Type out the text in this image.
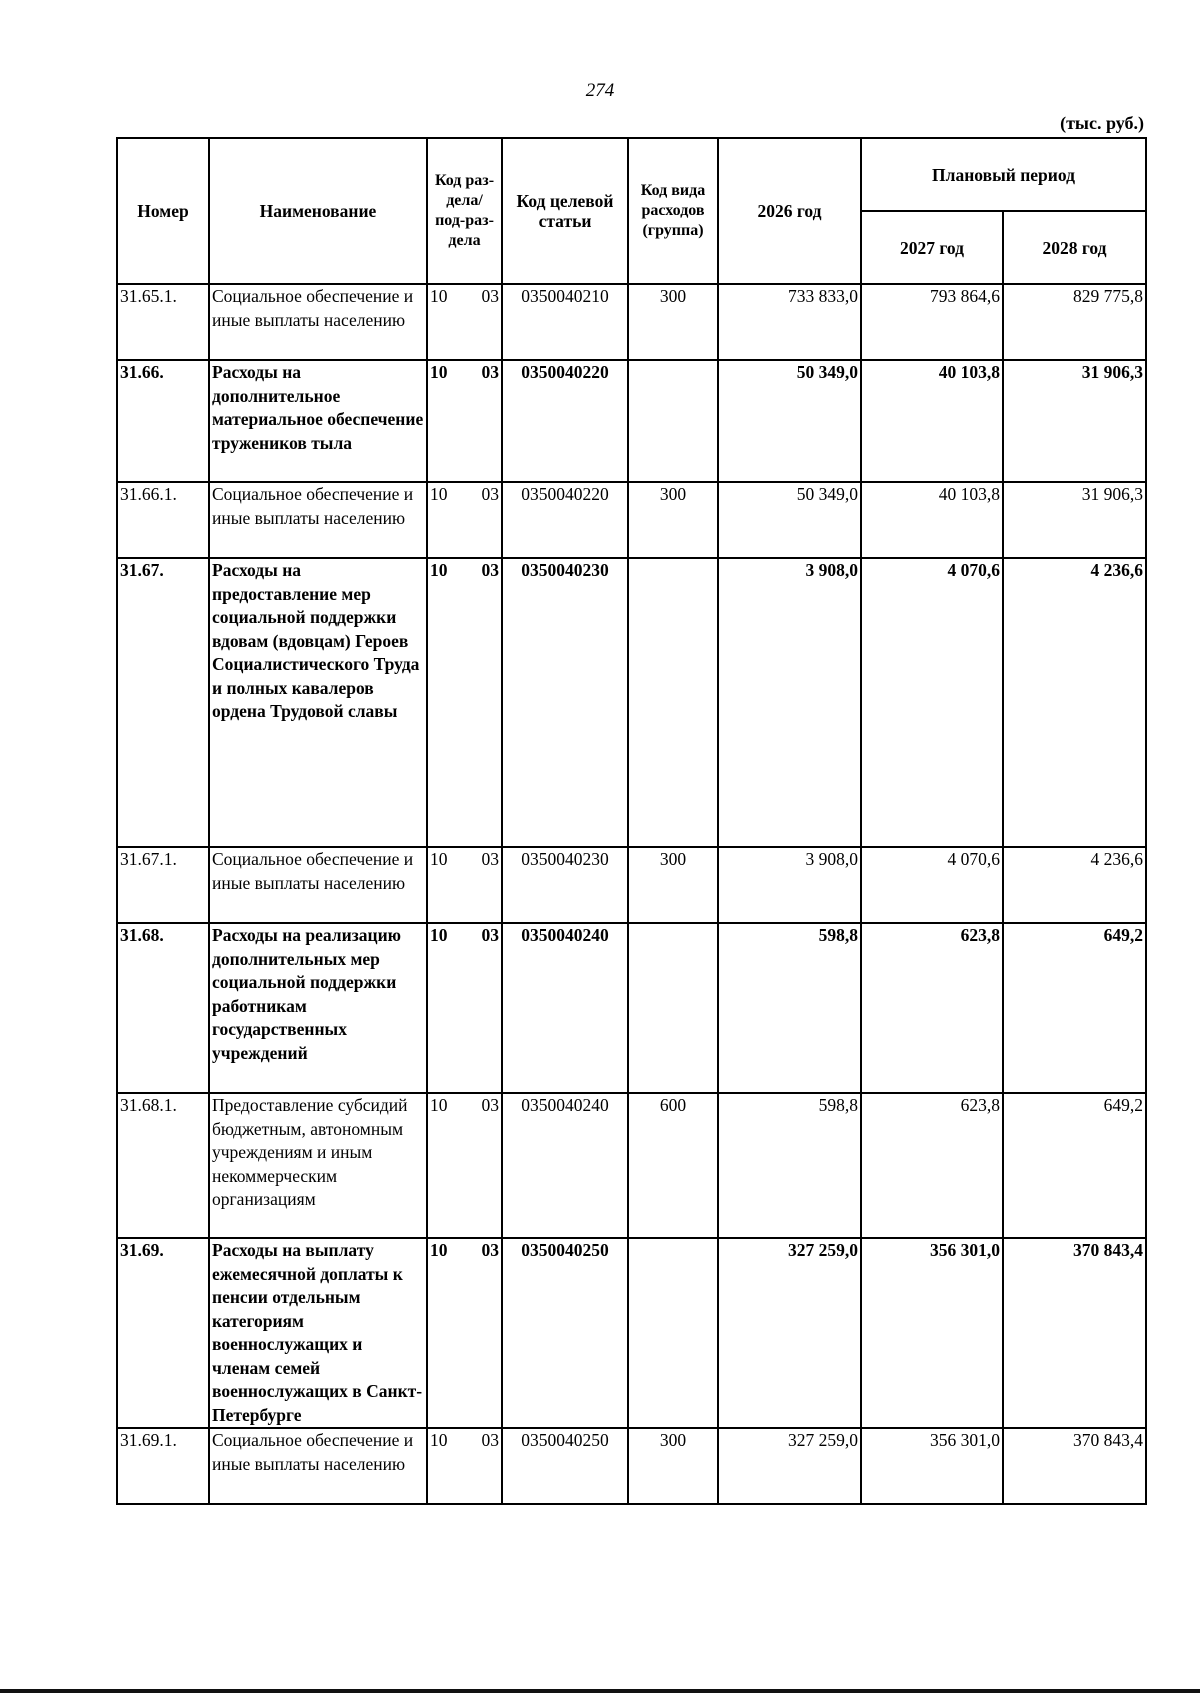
274
(тыс. руб.)
Номер	Наименование	Код раз-дела/ под-раз-дела	Код целевой статьи	Код вида расходов (группа)	2026 год	Плановый период	
						2027 год	2028 год
31.65.1.	Социальное обеспечение и иные выплаты населению	10 03	0350040210	300	733 833,0	793 864,6	829 775,8
31.66.	Расходы на дополнительное материальное обеспечение тружеников тыла	10 03	0350040220		50 349,0	40 103,8	31 906,3
31.66.1.	Социальное обеспечение и иные выплаты населению	10 03	0350040220	300	50 349,0	40 103,8	31 906,3
31.67.	Расходы на предоставление мер социальной поддержки вдовам (вдовцам) Героев Социалистического Труда и полных кавалеров ордена Трудовой славы	10 03	0350040230		3 908,0	4 070,6	4 236,6
31.67.1.	Социальное обеспечение и иные выплаты населению	10 03	0350040230	300	3 908,0	4 070,6	4 236,6
31.68.	Расходы на реализацию дополнительных мер социальной поддержки работникам государственных учреждений	10 03	0350040240		598,8	623,8	649,2
31.68.1.	Предоставление субсидий бюджетным, автономным учреждениям и иным некоммерческим организациям	10 03	0350040240	600	598,8	623,8	649,2
31.69.	Расходы на выплату ежемесячной доплаты к пенсии отдельным категориям военнослужащих и членам семей военнослужащих в Санкт-Петербурге	10 03	0350040250		327 259,0	356 301,0	370 843,4
31.69.1.	Социальное обеспечение и иные выплаты населению	10 03	0350040250	300	327 259,0	356 301,0	370 843,4
